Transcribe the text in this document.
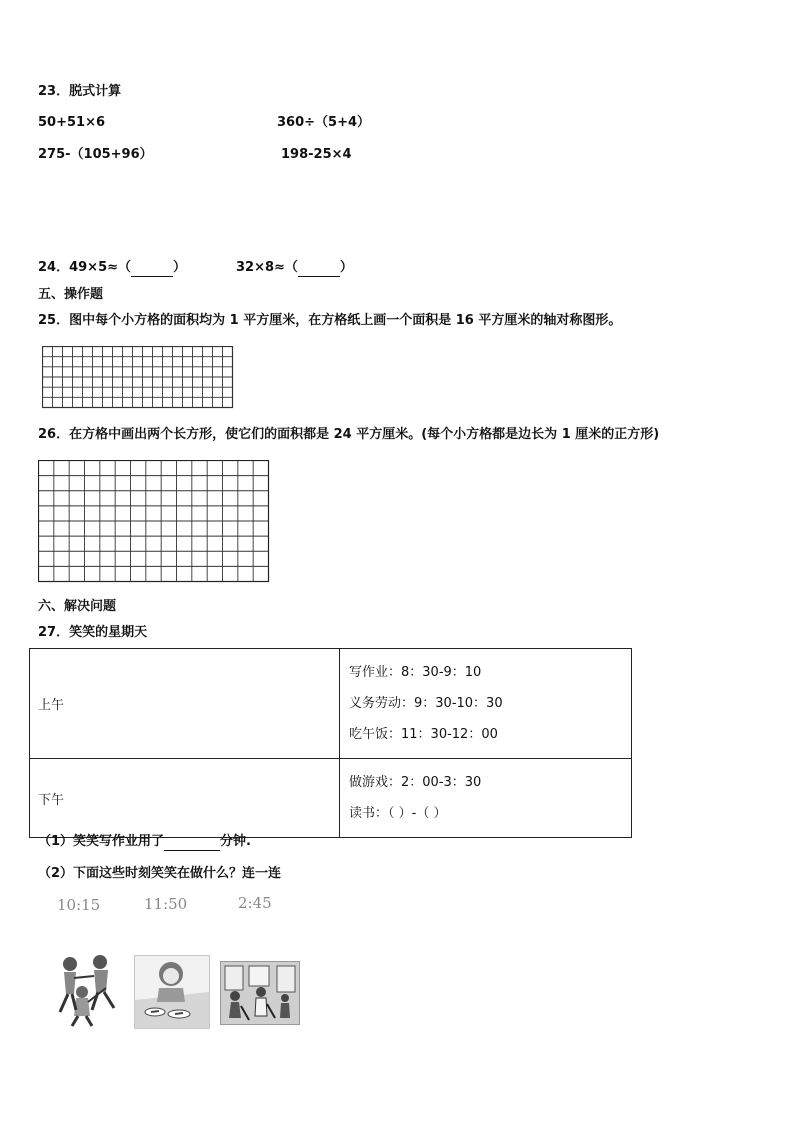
23．脱式计算
50+51×6	360÷（5+4）
275-（105+96）	198-25×4
24．49×5≈（	）	32×8≈（	）
五、操作题
25．图中每个小方格的面积均为 1 平方厘米，在方格纸上画一个面积是 16 平方厘米的轴对称图形。
26．在方格中画出两个长方形，使它们的面积都是 24 平方厘米。(每个小方格都是边长为 1 厘米的正方形)
六、解决问题
27．笑笑的星期天
上午	写作业：8：30-9：10
义务劳动：9：30-10：30
吃午饭：11：30-12：00

下午	做游戏：2：00-3：30
读书：（ ）-（ ）
（1）笑笑写作业用了	分钟.
（2）下面这些时刻笑笑在做什么？连一连
10:15	11:50	2:45
